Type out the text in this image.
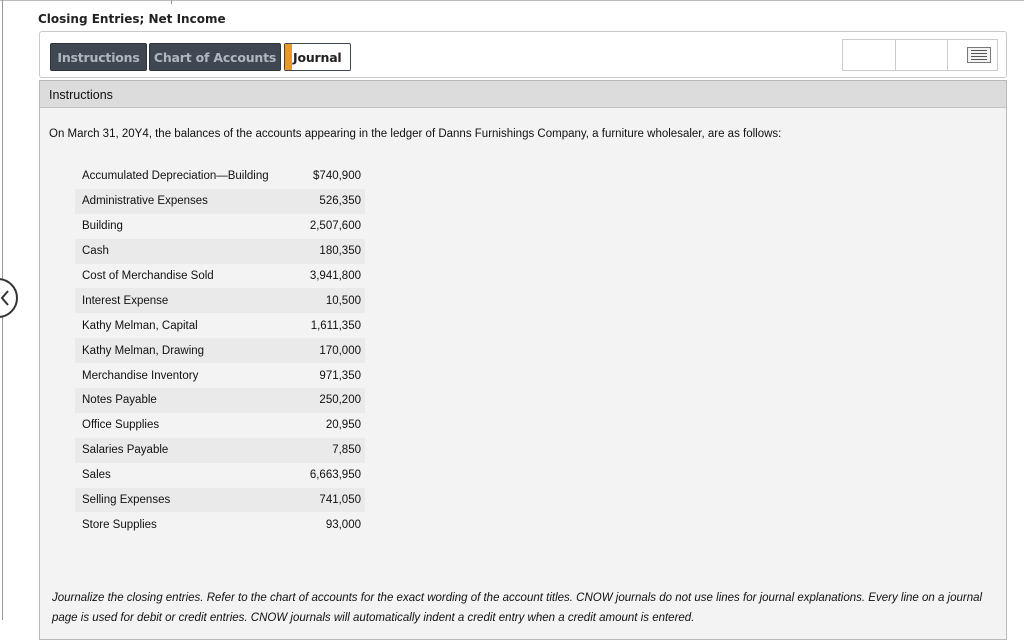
Closing Entries; Net Income
Instructions	Chart of Accounts	Journal
Instructions
On March 31, 20Y4, the balances of the accounts appearing in the ledger of Danns Furnishings Company, a furniture wholesaler, are as follows:
Accumulated Depreciation—Building	$740,900
Administrative Expenses	526,350
Building	2,507,600
Cash	180,350
Cost of Merchandise Sold	3,941,800
Interest Expense	10,500
Kathy Melman, Capital	1,611,350
Kathy Melman, Drawing	170,000
Merchandise Inventory	971,350
Notes Payable	250,200
Office Supplies	20,950
Salaries Payable	7,850
Sales	6,663,950
Selling Expenses	741,050
Store Supplies	93,000
Journalize the closing entries. Refer to the chart of accounts for the exact wording of the account titles. CNOW journals do not use lines for journal explanations. Every line on a journal page is used for debit or credit entries. CNOW journals will automatically indent a credit entry when a credit amount is entered.
